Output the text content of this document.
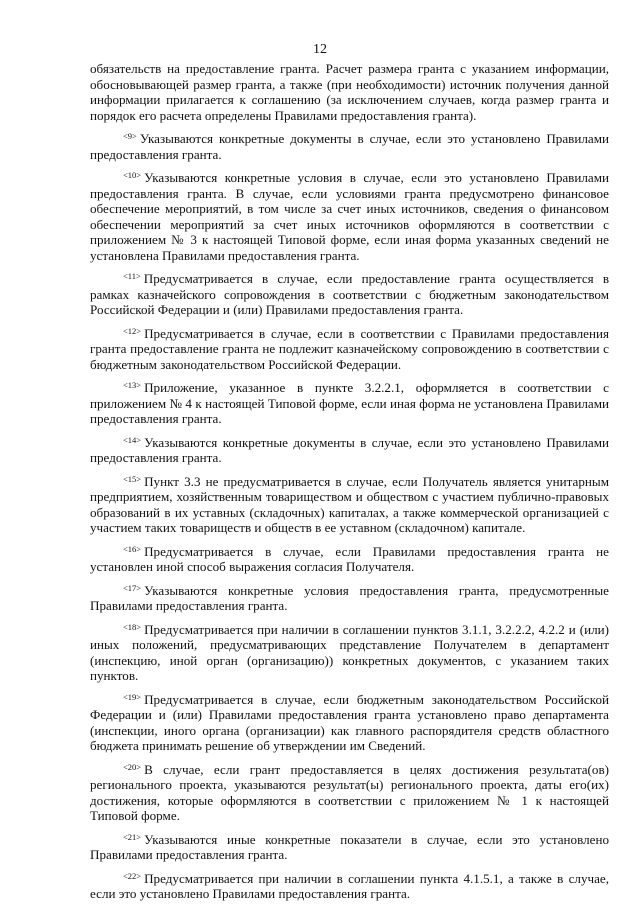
12

обязательств на предоставление гранта. Расчет размера гранта с указанием информации, обосновывающей размер гранта, а также (при необходимости) источник получения данной информации прилагается к соглашению (за исключением случаев, когда размер гранта и порядок его расчета определены Правилами предоставления гранта).

$^{<9>}$ Указываются конкретные документы в случае, если это установлено Правилами предоставления гранта.

$^{<10>}$ Указываются конкретные условия в случае, если это установлено Правилами предоставления гранта. В случае, если условиями гранта предусмотрено финансовое обеспечение мероприятий, в том числе за счет иных источников, сведения о финансовом обеспечении мероприятий за счет иных источников оформляются в соответствии с приложением № 3 к настоящей Типовой форме, если иная форма указанных сведений не установлена Правилами предоставления гранта.

$^{<11>}$ Предусматривается в случае, если предоставление гранта осуществляется в рамках казначейского сопровождения в соответствии с бюджетным законодательством Российской Федерации и (или) Правилами предоставления гранта.

$^{<12>}$ Предусматривается в случае, если в соответствии с Правилами предоставления гранта предоставление гранта не подлежит казначейскому сопровождению в соответствии с бюджетным законодательством Российской Федерации.

$^{<13>}$ Приложение, указанное в пункте 3.2.2.1, оформляется в соответствии с приложением № 4 к настоящей Типовой форме, если иная форма не установлена Правилами предоставления гранта.

$^{<14>}$ Указываются конкретные документы в случае, если это установлено Правилами предоставления гранта.

$^{<15>}$ Пункт 3.3 не предусматривается в случае, если Получатель является унитарным предприятием, хозяйственным товариществом и обществом с участием публично-правовых образований в их уставных (складочных) капиталах, а также коммерческой организацией с участием таких товариществ и обществ в ее уставном (складочном) капитале.

$^{<16>}$ Предусматривается в случае, если Правилами предоставления гранта не установлен иной способ выражения согласия Получателя.

$^{<17>}$ Указываются конкретные условия предоставления гранта, предусмотренные Правилами предоставления гранта.

$^{<18>}$ Предусматривается при наличии в соглашении пунктов 3.1.1, 3.2.2.2, 4.2.2 и (или) иных положений, предусматривающих представление Получателем в департамент (инспекцию, иной орган (организацию)) конкретных документов, с указанием таких пунктов.

$^{<19>}$ Предусматривается в случае, если бюджетным законодательством Российской Федерации и (или) Правилами предоставления гранта установлено право департамента (инспекции, иного органа (организации) как главного распорядителя средств областного бюджета принимать решение об утверждении им Сведений.

$^{<20>}$ В случае, если грант предоставляется в целях достижения результата(ов) регионального проекта, указываются результат(ы) регионального проекта, даты его(их) достижения, которые оформляются в соответствии с приложением № 1 к настоящей Типовой форме.

$^{<21>}$ Указываются иные конкретные показатели в случае, если это установлено Правилами предоставления гранта.

$^{<22>}$ Предусматривается при наличии в соглашении пункта 4.1.5.1, а также в случае, если это установлено Правилами предоставления гранта.
